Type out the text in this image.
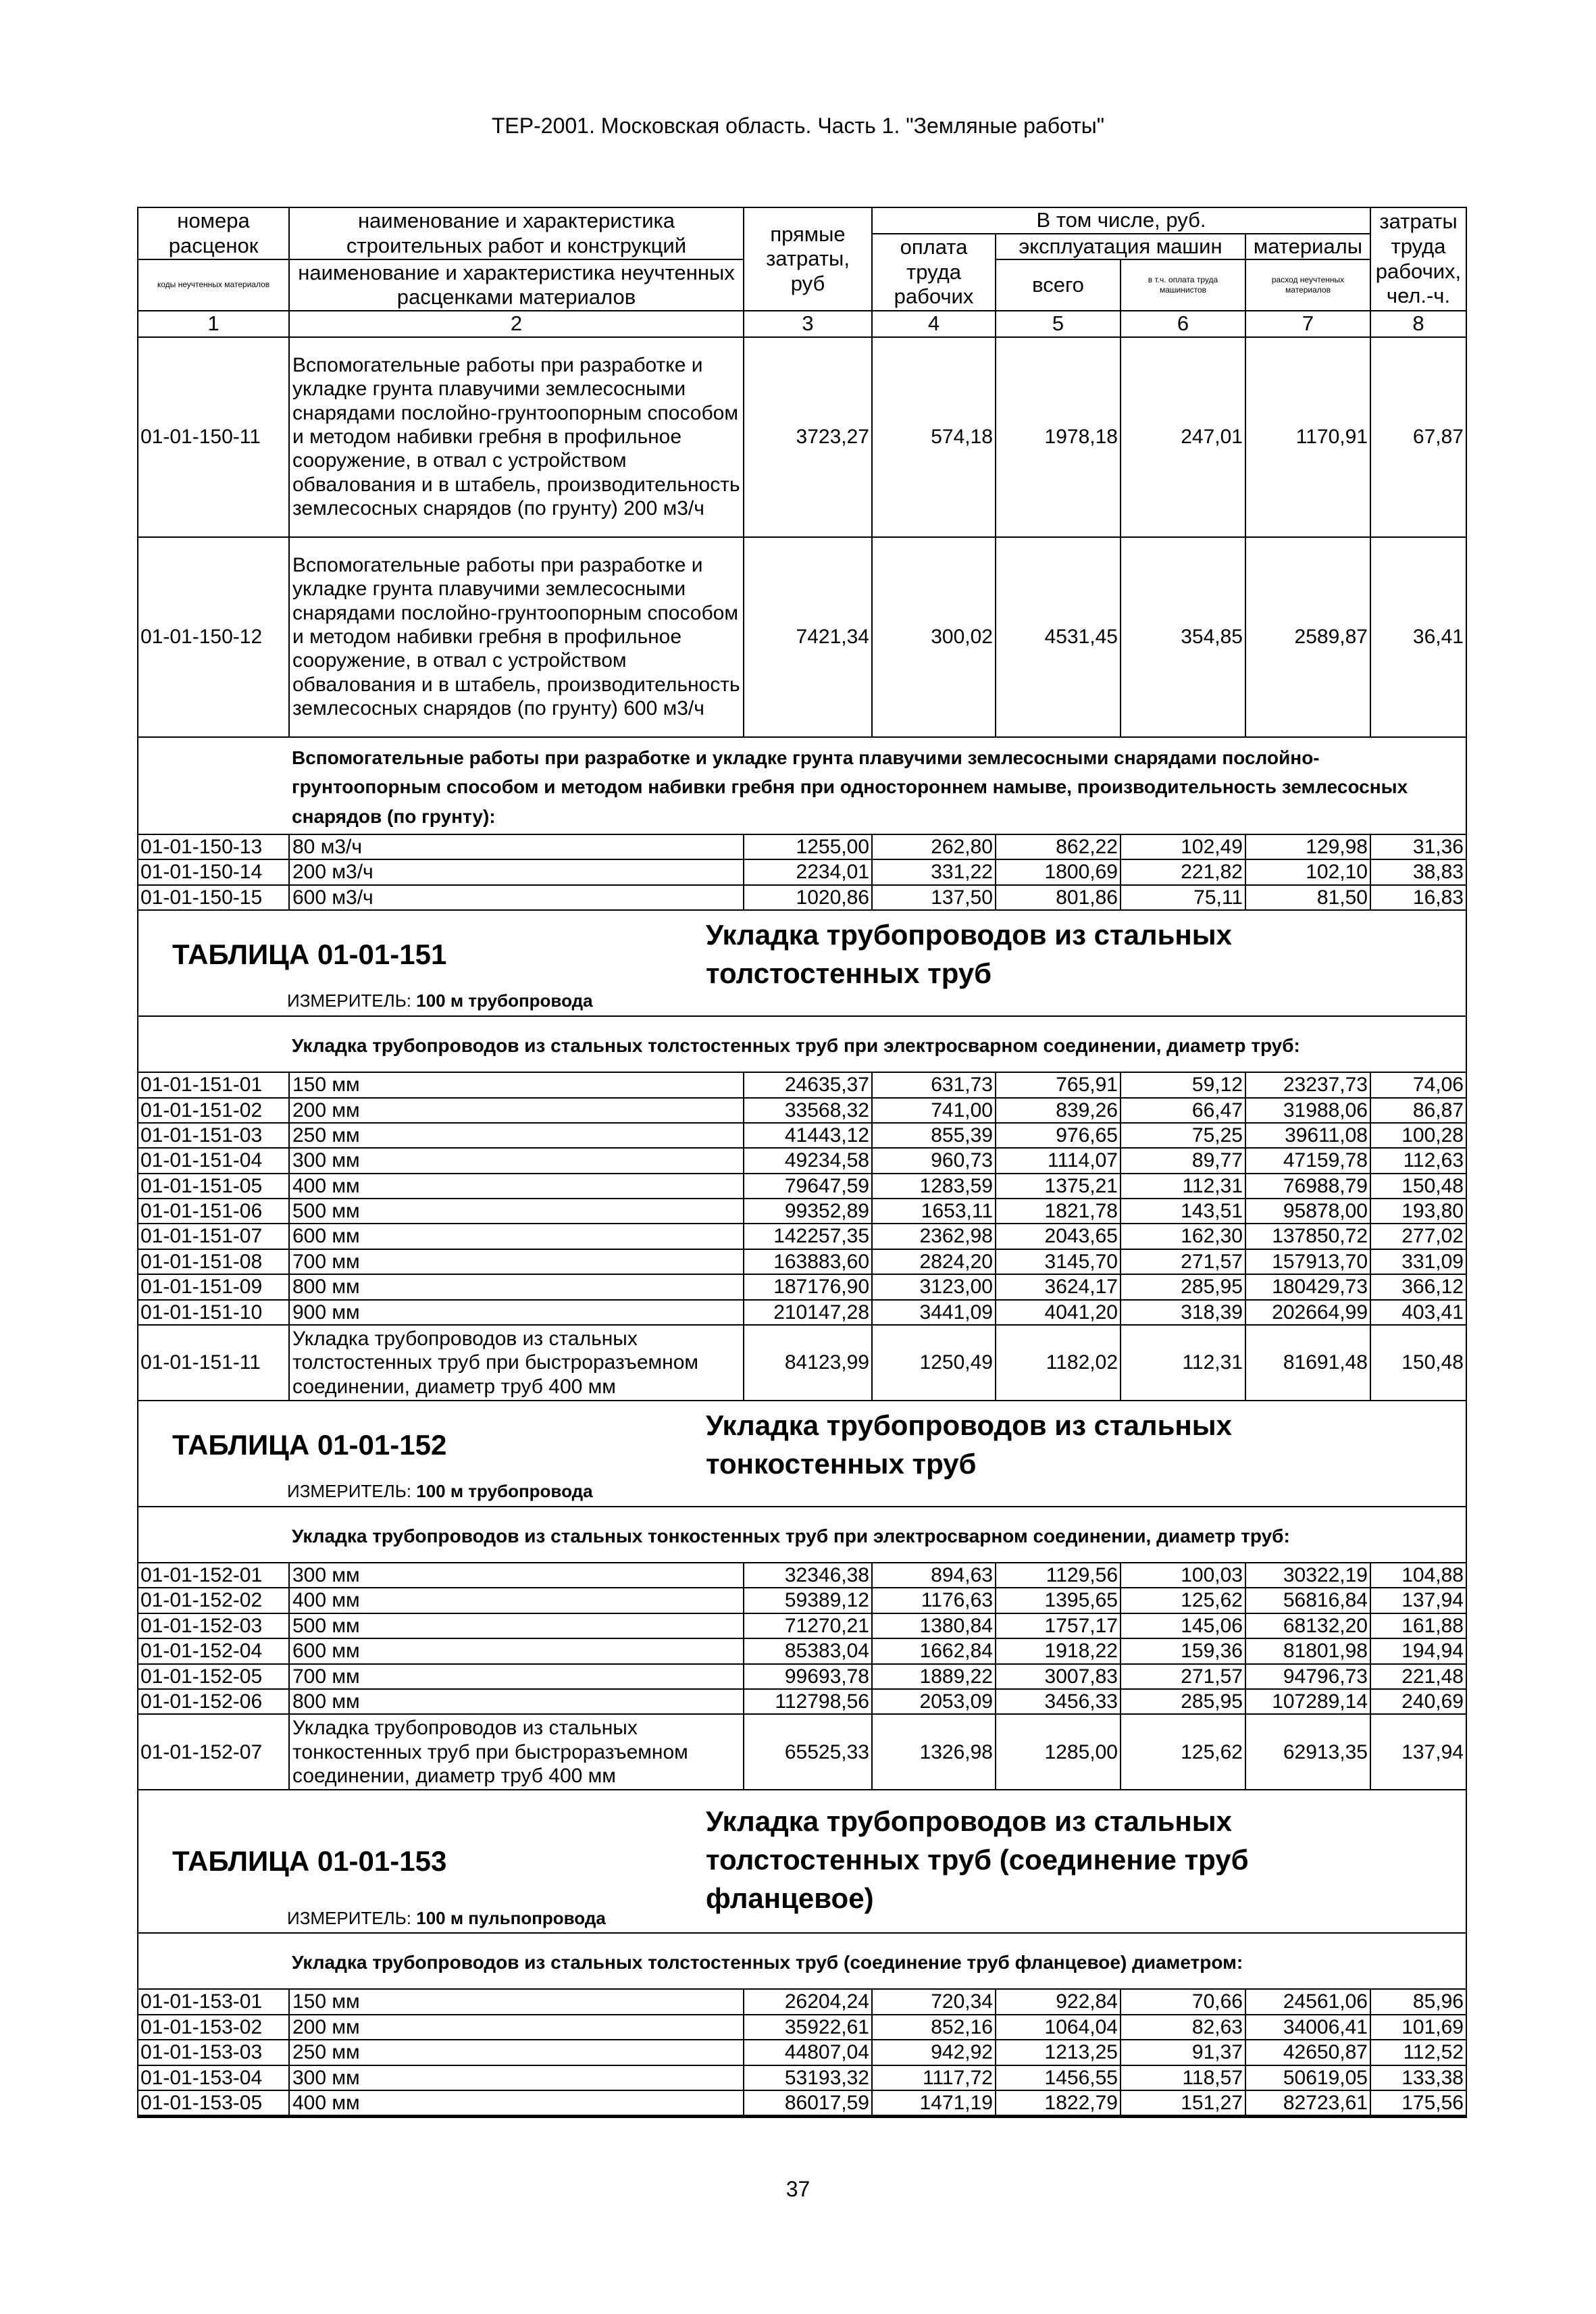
ТЕР-2001. Московская область. Часть 1. "Земляные работы"
номера расценок	наименование и характеристика строительных работ и конструкций	прямые затраты, руб	В том числе, руб.				затраты труда рабочих, чел.-ч.
			оплата труда рабочих	эксплуатация машин		материалы	
коды неучтенных материалов	наименование и характеристика неучтенных расценками материалов			всего	в т.ч. оплата труда машинистов	расход неучтенных материалов	

1	2	3	4	5	6	7	8
01-01-150-11	Вспомогательные работы при разработке и укладке грунта плавучими землесосными снарядами послойно-грунтоопорным способом и методом набивки гребня в профильное сооружение, в отвал с устройством обвалования и в штабель, производительность землесосных снарядов (по грунту) 200 м3/ч	3723,27	574,18	1978,18	247,01	1170,91	67,87
01-01-150-12	Вспомогательные работы при разработке и укладке грунта плавучими землесосными снарядами послойно-грунтоопорным способом и методом набивки гребня в профильное сооружение, в отвал с устройством обвалования и в штабель, производительность землесосных снарядов (по грунту) 600 м3/ч	7421,34	300,02	4531,45	354,85	2589,87	36,41
	Вспомогательные работы при разработке и укладке грунта плавучими землесосными снарядами послойно-грунтоопорным способом и методом набивки гребня при одностороннем намыве, производительность землесосных снарядов (по грунту):						
01-01-150-13	80 м3/ч	1255,00	262,80	862,22	102,49	129,98	31,36
01-01-150-14	200 м3/ч	2234,01	331,22	1800,69	221,82	102,10	38,83
01-01-150-15	600 м3/ч	1020,86	137,50	801,86	75,11	81,50	16,83

ТАБЛИЦА 01-01-151
Укладка трубопроводов из стальных толстостенных труб
ИЗМЕРИТЕЛЬ: 100 м трубопровода							

	Укладка трубопроводов из стальных толстостенных труб при электросварном соединении, диаметр труб:						
01-01-151-01	150 мм	24635,37	631,73	765,91	59,12	23237,73	74,06
01-01-151-02	200 мм	33568,32	741,00	839,26	66,47	31988,06	86,87
01-01-151-03	250 мм	41443,12	855,39	976,65	75,25	39611,08	100,28
01-01-151-04	300 мм	49234,58	960,73	1114,07	89,77	47159,78	112,63
01-01-151-05	400 мм	79647,59	1283,59	1375,21	112,31	76988,79	150,48
01-01-151-06	500 мм	99352,89	1653,11	1821,78	143,51	95878,00	193,80
01-01-151-07	600 мм	142257,35	2362,98	2043,65	162,30	137850,72	277,02
01-01-151-08	700 мм	163883,60	2824,20	3145,70	271,57	157913,70	331,09
01-01-151-09	800 мм	187176,90	3123,00	3624,17	285,95	180429,73	366,12
01-01-151-10	900 мм	210147,28	3441,09	4041,20	318,39	202664,99	403,41
01-01-151-11	Укладка трубопроводов из стальных толстостенных труб при быстроразъемном соединении, диаметр труб 400 мм	84123,99	1250,49	1182,02	112,31	81691,48	150,48

ТАБЛИЦА 01-01-152
Укладка трубопроводов из стальных тонкостенных труб
ИЗМЕРИТЕЛЬ: 100 м трубопровода							

	Укладка трубопроводов из стальных тонкостенных труб при электросварном соединении, диаметр труб:						
01-01-152-01	300 мм	32346,38	894,63	1129,56	100,03	30322,19	104,88
01-01-152-02	400 мм	59389,12	1176,63	1395,65	125,62	56816,84	137,94
01-01-152-03	500 мм	71270,21	1380,84	1757,17	145,06	68132,20	161,88
01-01-152-04	600 мм	85383,04	1662,84	1918,22	159,36	81801,98	194,94
01-01-152-05	700 мм	99693,78	1889,22	3007,83	271,57	94796,73	221,48
01-01-152-06	800 мм	112798,56	2053,09	3456,33	285,95	107289,14	240,69
01-01-152-07	Укладка трубопроводов из стальных тонкостенных труб при быстроразъемном соединении, диаметр труб 400 мм	65525,33	1326,98	1285,00	125,62	62913,35	137,94

ТАБЛИЦА 01-01-153
Укладка трубопроводов из стальных толстостенных труб (соединение труб фланцевое)
ИЗМЕРИТЕЛЬ: 100 м пульпопровода							

	Укладка трубопроводов из стальных толстостенных труб (соединение труб фланцевое) диаметром:						
01-01-153-01	150 мм	26204,24	720,34	922,84	70,66	24561,06	85,96
01-01-153-02	200 мм	35922,61	852,16	1064,04	82,63	34006,41	101,69
01-01-153-03	250 мм	44807,04	942,92	1213,25	91,37	42650,87	112,52
01-01-153-04	300 мм	53193,32	1117,72	1456,55	118,57	50619,05	133,38
01-01-153-05	400 мм	86017,59	1471,19	1822,79	151,27	82723,61	175,56
37
